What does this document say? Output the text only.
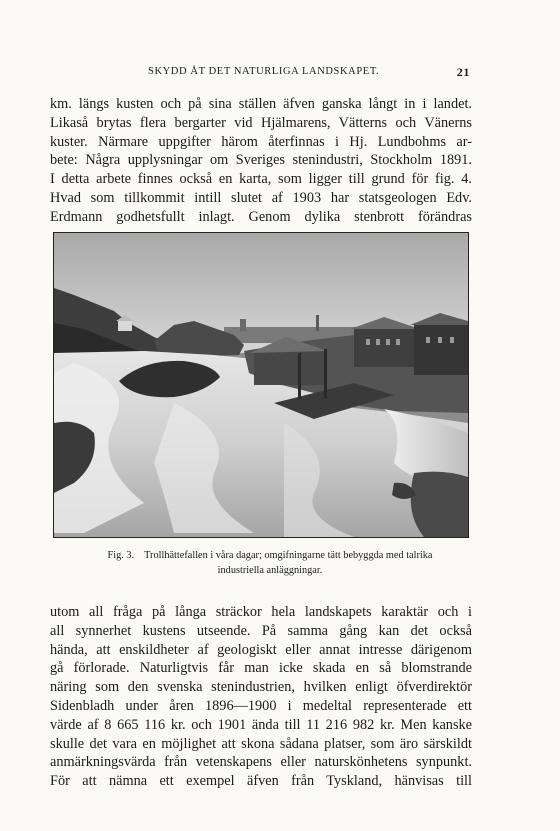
SKYDD ÅT DET NATURLIGA LANDSKAPET.	21
km. längs kusten och på sina ställen äfven ganska långt in i landet.
Likaså brytas flera bergarter vid Hjälmarens, Vätterns och Vänerns
kuster. Närmare uppgifter härom återfinnas i Hj. Lundbohms ar-
bete: Några upplysningar om Sveriges stenindustri, Stockholm 1891.
I detta arbete finnes också en karta, som ligger till grund för fig. 4.
Hvad som tillkommit intill slutet af 1903 har statsgeologen Edv.
Erdmann godhetsfullt inlagt. Genom dylika stenbrott förändras
Fig. 3. Trollhättefallen i våra dagar; omgifningarne tätt bebyggda med talrika
industriella anläggningar.
utom all fråga på långa sträckor hela landskapets karaktär och i
all synnerhet kustens utseende. På samma gång kan det också
hända, att enskildheter af geologiskt eller annat intresse därigenom
gå förlorade. Naturligtvis får man icke skada en så blomstrande
näring som den svenska stenindustrien, hvilken enligt öfverdirektör
Sidenbladh under åren 1896—1900 i medeltal representerade ett
värde af 8 665 116 kr. och 1901 ända till 11 216 982 kr. Men kanske
skulle det vara en möjlighet att skona sådana platser, som äro särskildt
anmärkningsvärda från vetenskapens eller naturskönhetens synpunkt.
För att nämna ett exempel äfven från Tyskland, hänvisas till
